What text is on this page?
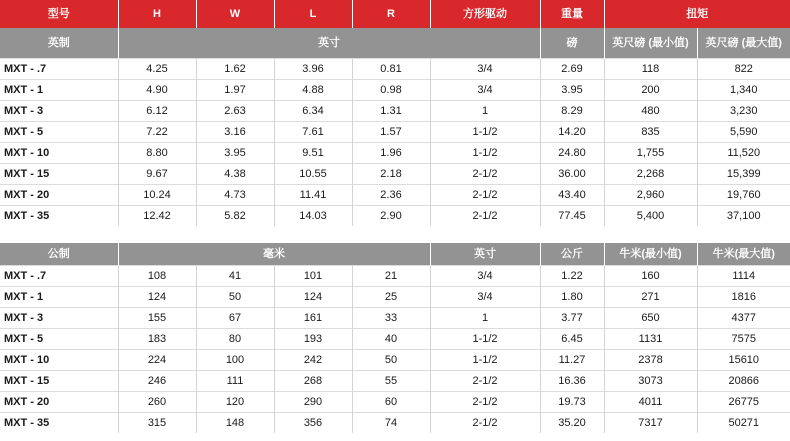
型号	H	W	L	R	方形驱动	重量	扭矩	
英制	英寸					磅	英尺磅 (最小值)	英尺磅 (最大值)
MXT - .7	4.25	1.62	3.96	0.81	3/4	2.69	118	822
MXT - 1	4.90	1.97	4.88	0.98	3/4	3.95	200	1,340
MXT - 3	6.12	2.63	6.34	1.31	1	8.29	480	3,230
MXT - 5	7.22	3.16	7.61	1.57	1-1/2	14.20	835	5,590
MXT - 10	8.80	3.95	9.51	1.96	1-1/2	24.80	1,755	11,520
MXT - 15	9.67	4.38	10.55	2.18	2-1/2	36.00	2,268	15,399
MXT - 20	10.24	4.73	11.41	2.36	2-1/2	43.40	2,960	19,760
MXT - 35	12.42	5.82	14.03	2.90	2-1/2	77.45	5,400	37,100

公制	毫米				英寸	公斤	牛米(最小值)	牛米(最大值)
MXT - .7	108	41	101	21	3/4	1.22	160	1114
MXT - 1	124	50	124	25	3/4	1.80	271	1816
MXT - 3	155	67	161	33	1	3.77	650	4377
MXT - 5	183	80	193	40	1-1/2	6.45	1131	7575
MXT - 10	224	100	242	50	1-1/2	11.27	2378	15610
MXT - 15	246	111	268	55	2-1/2	16.36	3073	20866
MXT - 20	260	120	290	60	2-1/2	19.73	4011	26775
MXT - 35	315	148	356	74	2-1/2	35.20	7317	50271
